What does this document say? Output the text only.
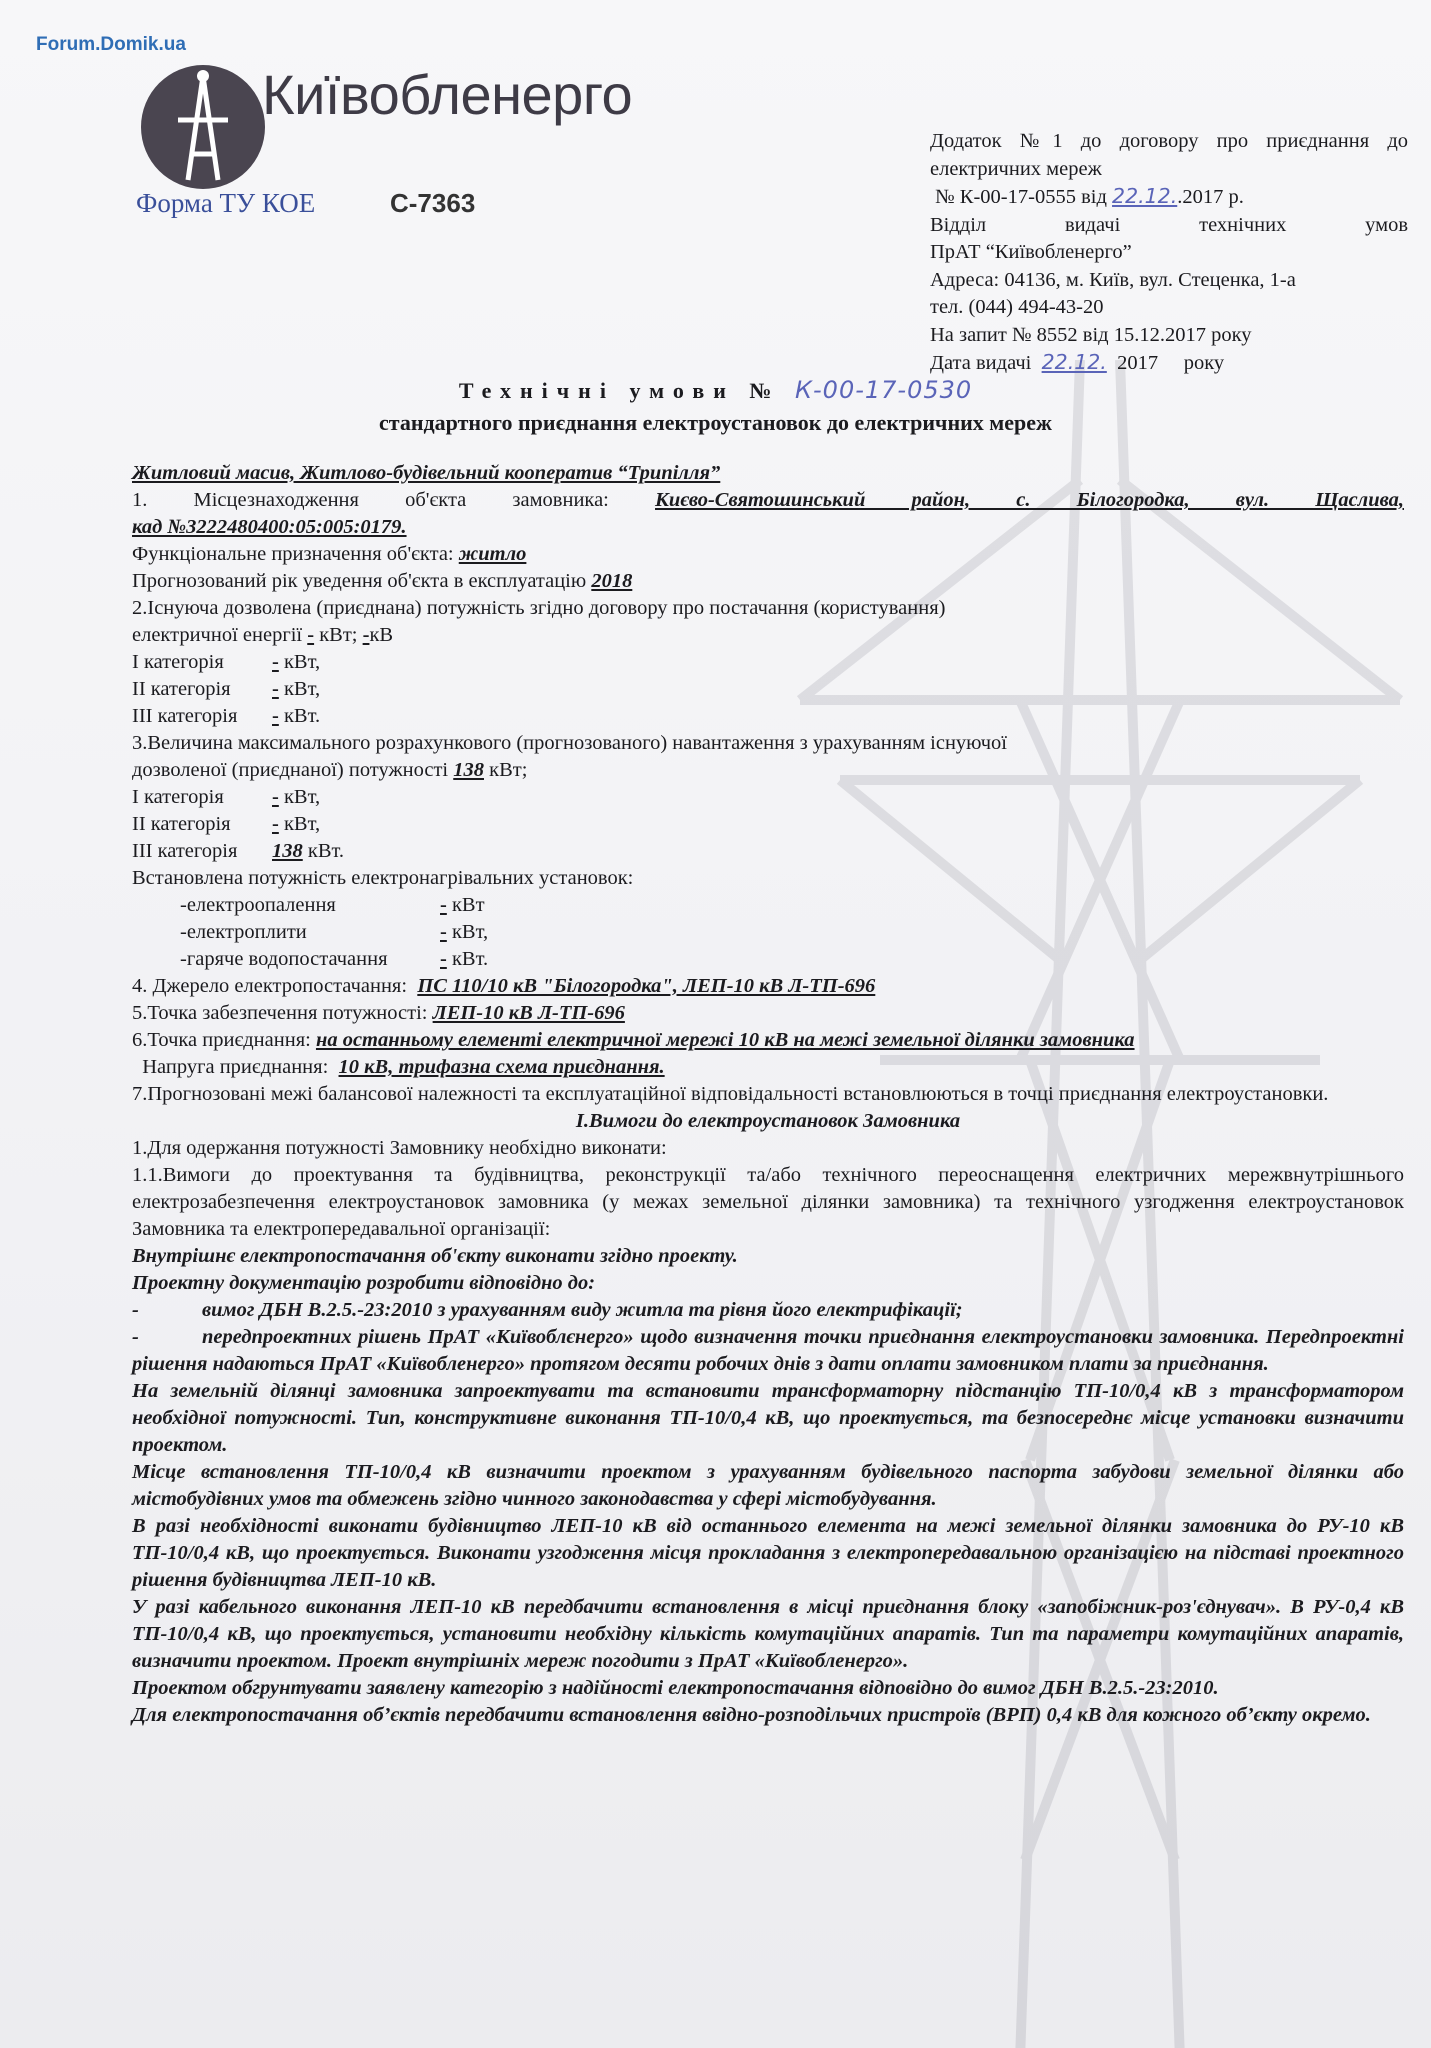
Forum.Domik.ua
Київобленерго
Форма ТУ КОЕ	С-7363
Додаток №1 до договору про приєднання до
електричних мереж
№ К-00-17-0555 від 22.12..2017 р.
Відділ видачі технічних умов
ПрАТ “Київобленерго”
Адреса: 04136, м. Київ, вул. Стеценка, 1-а
тел. (044) 494-43-20
На запит № 8552 від 15.12.2017 року
Дата видачі 22.12. 2017 року
Технічні умови № К-00-17-0530
стандартного приєднання електроустановок до електричних мереж

Житловий масив, Житлово-будівельний кооператив “Трипілля”

1. Місцезнаходження об'єкта замовника: Києво-Святошинський район, с. Білогородка, вул. Щаслива,

кад №3222480400:05:005:0179.

Функціональне призначення об'єкта: житло

Прогнозований рік уведення об'єкта в експлуатацію 2018

2.Існуюча дозволена (приєднана) потужність згідно договору про постачання (користування)

електричної енергії - кВт; -кВ

І категорія - кВт,

ІІ категорія - кВт,

ІІІ категорія - кВт.

3.Величина максимального розрахункового (прогнозованого) навантаження з урахуванням існуючої

дозволеної (приєднаної) потужності 138 кВт;

І категорія - кВт,

ІІ категорія - кВт,

ІІІ категорія 138 кВт.

Встановлена потужність електронагрівальних установок:

-електроопалення	- кВт

-електроплити	- кВт,

-гаряче водопостачання	- кВт.

4. Джерело електропостачання: ПС 110/10 кВ "Білогородка", ЛЕП-10 кВ Л-ТП-696

5.Точка забезпечення потужності: ЛЕП-10 кВ Л-ТП-696

6.Точка приєднання: на останньому елементі електричної мережі 10 кВ на межі земельної ділянки замовника

Напруга приєднання: 10 кВ, трифазна схема приєднання.

7.Прогнозовані межі балансової належності та експлуатаційної відповідальності встановлюються в точці приєднання електроустановки.

І.Вимоги до електроустановок Замовника

1.Для одержання потужності Замовнику необхідно виконати:

1.1.Вимоги до проектування та будівництва, реконструкції та/або технічного переоснащення електричних мережвнутрішнього електрозабезпечення електроустановок замовника (у межах земельної ділянки замовника) та технічного узгодження електроустановок Замовника та електропередавальної організації:

Внутрішнє електропостачання об'єкту виконати згідно проекту.

Проектну документацію розробити відповідно до:

-	вимог ДБН В.2.5.-23:2010 з урахуванням виду житла та рівня його електрифікації;

-	передпроектних рішень ПрАТ «Київоблєнерго» щодо визначення точки приєднання електроустановки замовника. Передпроектні рішення надаються ПрАТ «Київобленерго» протягом десяти робочих днів з дати оплати замовником плати за приєднання.

На земельній ділянці замовника запроектувати та встановити трансформаторну підстанцію ТП-10/0,4 кВ з трансформатором необхідної потужності. Тип, конструктивне виконання ТП-10/0,4 кВ, що проектується, та безпосереднє місце установки визначити проектом.

Місце встановлення ТП-10/0,4 кВ визначити проектом з урахуванням будівельного паспорта забудови земельної ділянки або містобудівних умов та обмежень згідно чинного законодавства у сфері містобудування.

В разі необхідності виконати будівництво ЛЕП-10 кВ від останнього елемента на межі земельної ділянки замовника до РУ-10 кВ ТП-10/0,4 кВ, що проектується. Виконати узгодження місця прокладання з електропередавальною організацією на підставі проектного рішення будівництва ЛЕП-10 кВ.

У разі кабельного виконання ЛЕП-10 кВ передбачити встановлення в місці приєднання блоку «запобіжник-роз'єднувач». В РУ-0,4 кВ ТП-10/0,4 кВ, що проектується, установити необхідну кількість комутаційних апаратів. Тип та параметри комутаційних апаратів, визначити проектом. Проект внутрішніх мереж погодити з ПрАТ «Київобленерго».

Проектом обгрунтувати заявлену категорію з надійності електропостачання відповідно до вимог ДБН В.2.5.-23:2010.

Для електропостачання об’єктів передбачити встановлення ввідно-розподільчих пристроїв (ВРП) 0,4 кВ для кожного об’єкту окремо.
